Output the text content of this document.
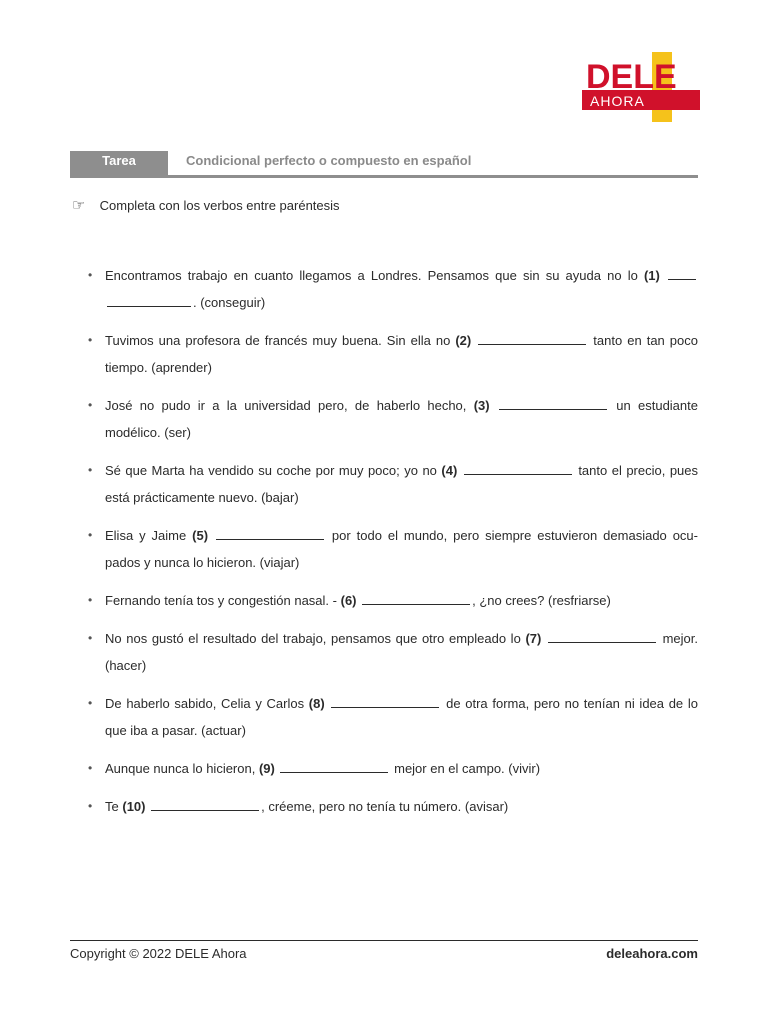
DELE
AHORA
Tarea	Condicional perfecto o compuesto en español
☞ Completa con los verbos entre paréntesis
• Encontramos trabajo en cuanto llegamos a Londres. Pensamos que sin su ayuda no lo (1)  . (conseguir)
• Tuvimos una profesora de francés muy buena. Sin ella no (2)	tanto en tan poco tiempo. (aprender)
• José no pudo ir a la universidad pero, de haberlo hecho, (3)	un estudiante modélico. (ser)
• Sé que Marta ha vendido su coche por muy poco; yo no (4)	tanto el precio, pues está prácticamente nuevo. (bajar)
• Elisa y Jaime (5)	por todo el mundo, pero siempre estuvieron demasiado ocu-pados y nunca lo hicieron. (viajar)
• Fernando tenía tos y congestión nasal. - (6)	, ¿no crees? (resfriarse)
• No nos gustó el resultado del trabajo, pensamos que otro empleado lo (7)	mejor. (hacer)
• De haberlo sabido, Celia y Carlos (8)	de otra forma, pero no tenían ni idea de lo que iba a pasar. (actuar)
• Aunque nunca lo hicieron, (9)	mejor en el campo. (vivir)
• Te (10)	, créeme, pero no tenía tu número. (avisar)
Copyright © 2022 DELE Ahora	deleahora.com
